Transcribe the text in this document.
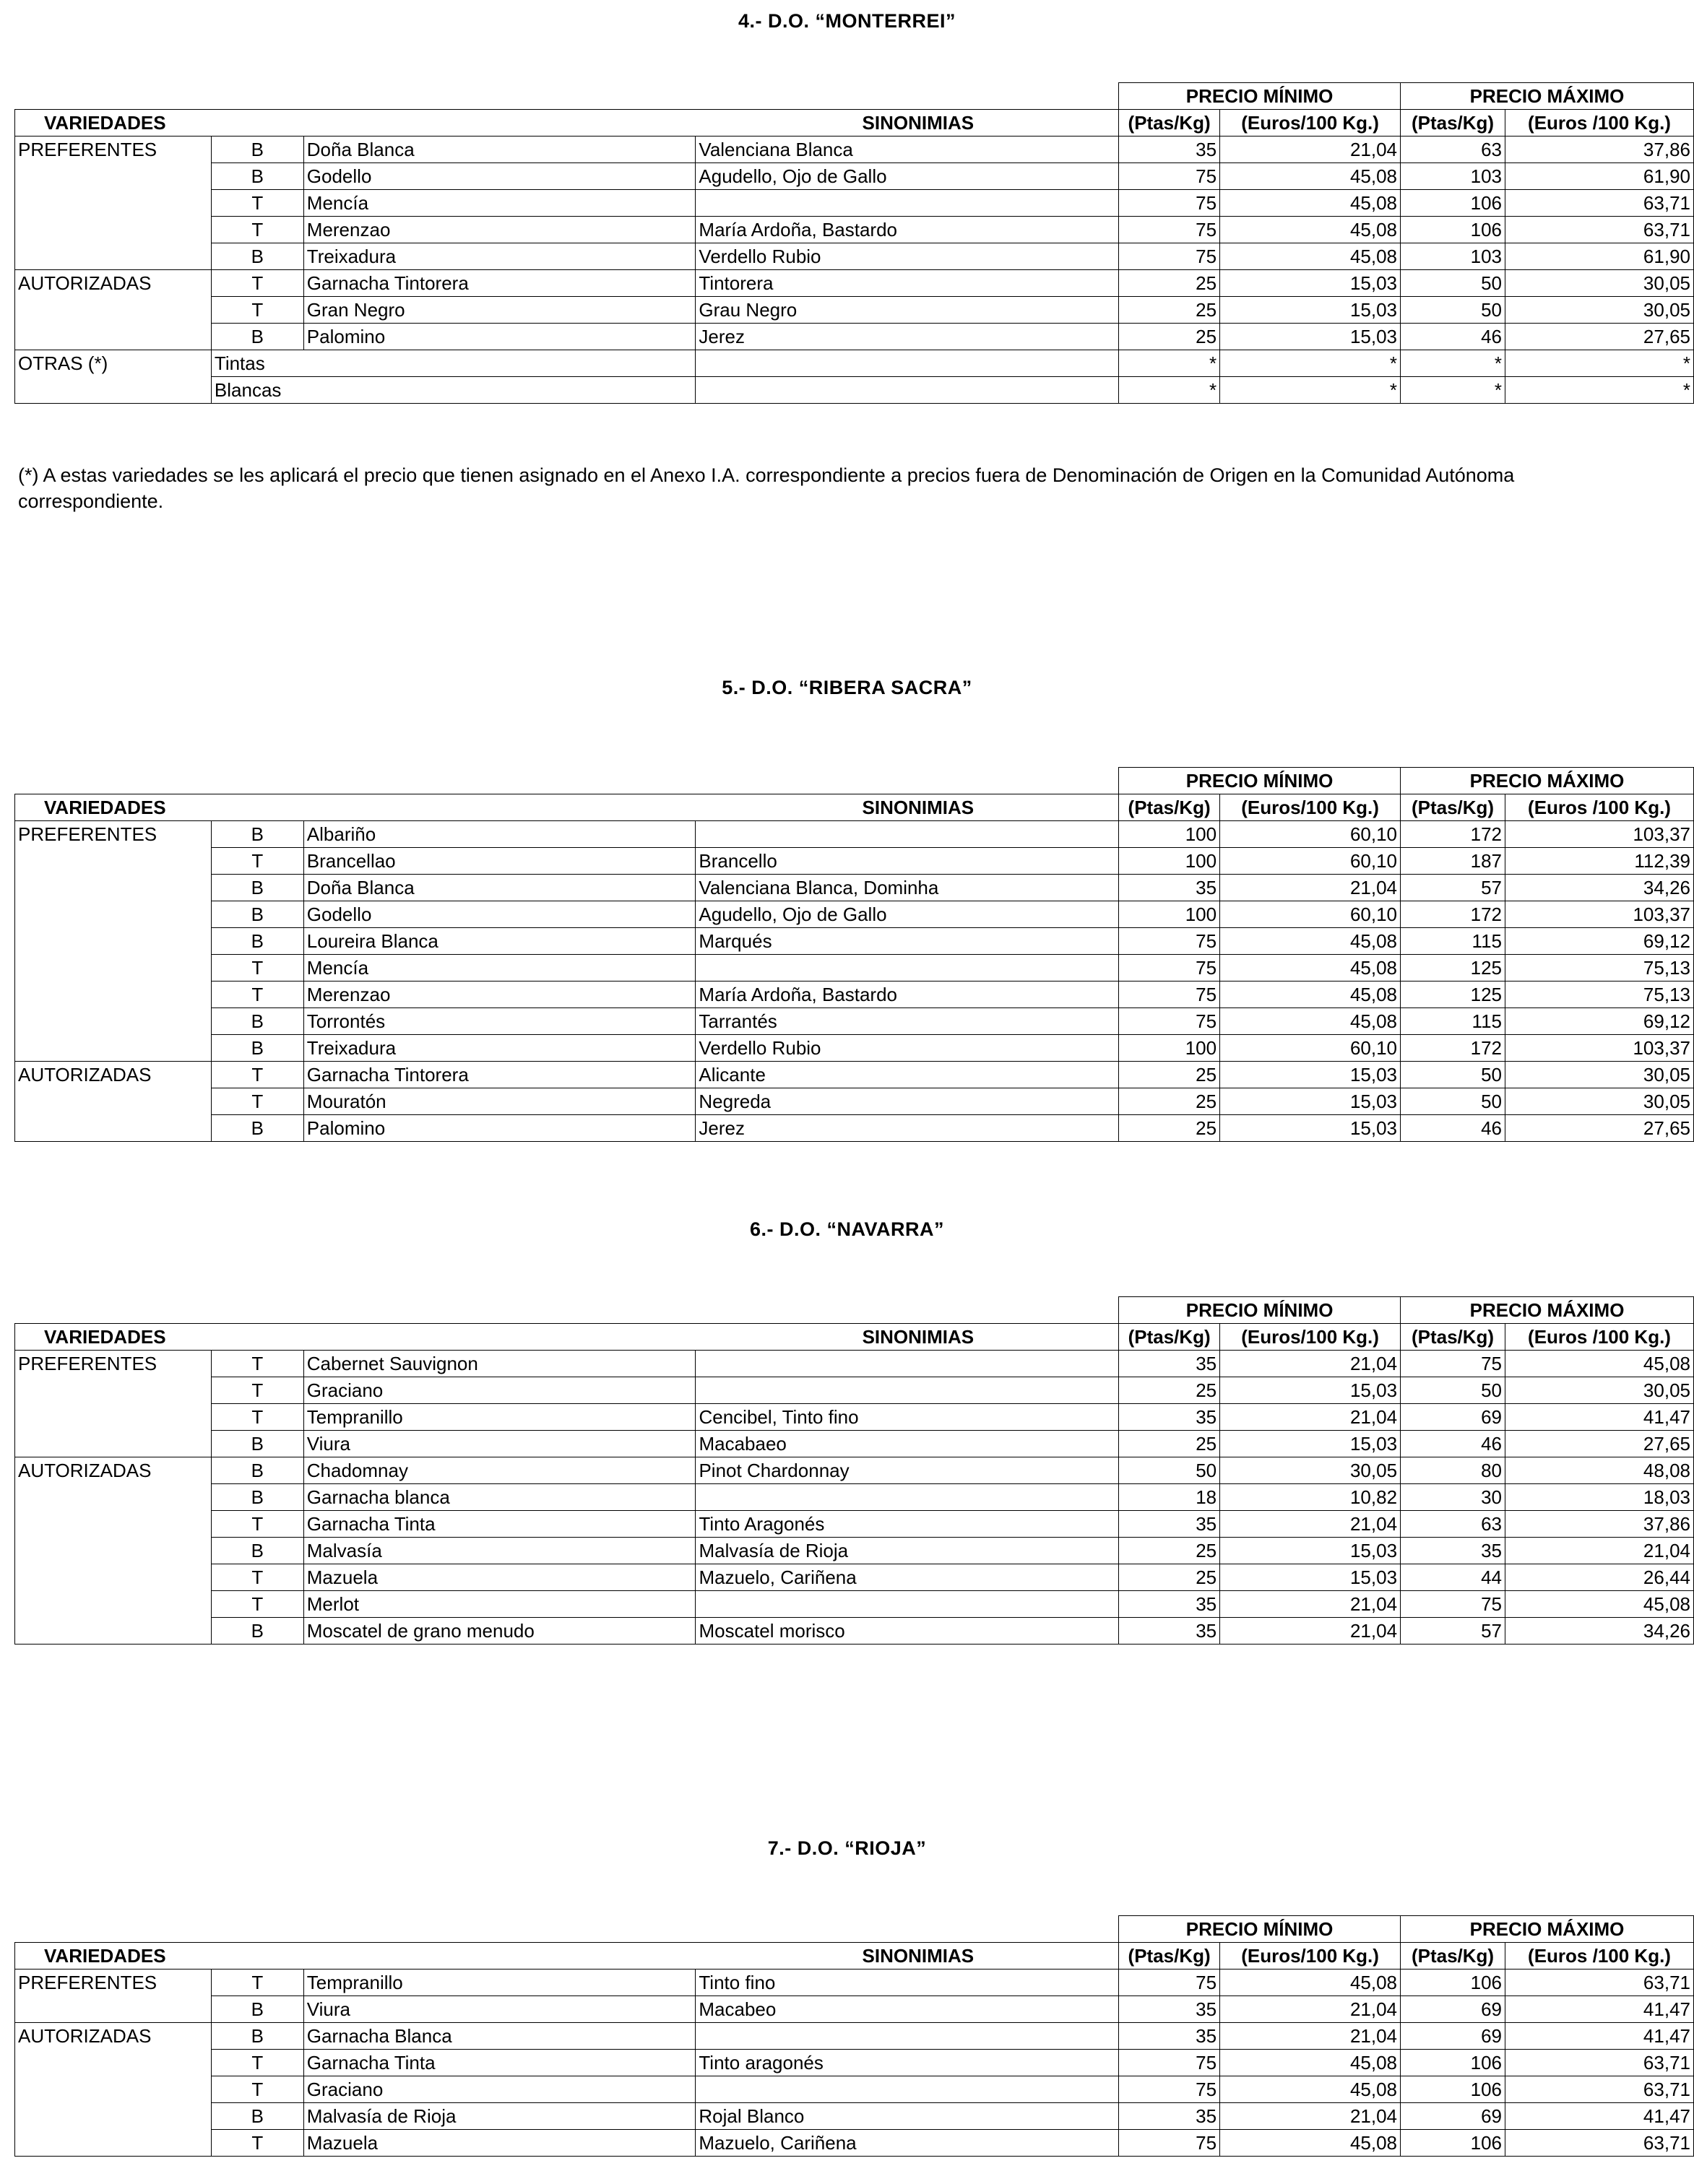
4.- D.O. “MONTERREI”
				PRECIO MÍNIMO		PRECIO MÁXIMO	
VARIEDADES			SINONIMIAS	(Ptas/Kg)	(Euros/100 Kg.)	(Ptas/Kg)	(Euros /100 Kg.)
PREFERENTES	B	Doña Blanca	Valenciana Blanca	35	21,04	63	37,86
	B	Godello	Agudello, Ojo de Gallo	75	45,08	103	61,90
	T	Mencía		75	45,08	106	63,71
	T	Merenzao	María Ardoña, Bastardo	75	45,08	106	63,71
	B	Treixadura	Verdello Rubio	75	45,08	103	61,90
AUTORIZADAS	T	Garnacha Tintorera	Tintorera	25	15,03	50	30,05
	T	Gran Negro	Grau Negro	25	15,03	50	30,05
	B	Palomino	Jerez	25	15,03	46	27,65
OTRAS (*)	Tintas			*	*	*	*
	Blancas			*	*	*	*
(*) A estas variedades se les aplicará el precio que tienen asignado en el Anexo I.A. correspondiente a precios fuera de Denominación de Origen en la Comunidad Autónoma correspondiente.
5.- D.O. “RIBERA SACRA”
				PRECIO MÍNIMO		PRECIO MÁXIMO	
VARIEDADES			SINONIMIAS	(Ptas/Kg)	(Euros/100 Kg.)	(Ptas/Kg)	(Euros /100 Kg.)
PREFERENTES	B	Albariño		100	60,10	172	103,37
	T	Brancellao	Brancello	100	60,10	187	112,39
	B	Doña Blanca	Valenciana Blanca, Dominha	35	21,04	57	34,26
	B	Godello	Agudello, Ojo de Gallo	100	60,10	172	103,37
	B	Loureira Blanca	Marqués	75	45,08	115	69,12
	T	Mencía		75	45,08	125	75,13
	T	Merenzao	María Ardoña, Bastardo	75	45,08	125	75,13
	B	Torrontés	Tarrantés	75	45,08	115	69,12
	B	Treixadura	Verdello Rubio	100	60,10	172	103,37
AUTORIZADAS	T	Garnacha Tintorera	Alicante	25	15,03	50	30,05
	T	Mouratón	Negreda	25	15,03	50	30,05
	B	Palomino	Jerez	25	15,03	46	27,65
6.- D.O. “NAVARRA”
				PRECIO MÍNIMO		PRECIO MÁXIMO	
VARIEDADES			SINONIMIAS	(Ptas/Kg)	(Euros/100 Kg.)	(Ptas/Kg)	(Euros /100 Kg.)
PREFERENTES	T	Cabernet Sauvignon		35	21,04	75	45,08
	T	Graciano		25	15,03	50	30,05
	T	Tempranillo	Cencibel, Tinto fino	35	21,04	69	41,47
	B	Viura	Macabaeo	25	15,03	46	27,65
AUTORIZADAS	B	Chadomnay	Pinot Chardonnay	50	30,05	80	48,08
	B	Garnacha blanca		18	10,82	30	18,03
	T	Garnacha Tinta	Tinto Aragonés	35	21,04	63	37,86
	B	Malvasía	Malvasía de Rioja	25	15,03	35	21,04
	T	Mazuela	Mazuelo, Cariñena	25	15,03	44	26,44
	T	Merlot		35	21,04	75	45,08
	B	Moscatel de grano menudo	Moscatel morisco	35	21,04	57	34,26
7.- D.O. “RIOJA”
				PRECIO MÍNIMO		PRECIO MÁXIMO	
VARIEDADES			SINONIMIAS	(Ptas/Kg)	(Euros/100 Kg.)	(Ptas/Kg)	(Euros /100 Kg.)
PREFERENTES	T	Tempranillo	Tinto fino	75	45,08	106	63,71
	B	Viura	Macabeo	35	21,04	69	41,47
AUTORIZADAS	B	Garnacha Blanca		35	21,04	69	41,47
	T	Garnacha Tinta	Tinto aragonés	75	45,08	106	63,71
	T	Graciano		75	45,08	106	63,71
	B	Malvasía de Rioja	Rojal Blanco	35	21,04	69	41,47
	T	Mazuela	Mazuelo, Cariñena	75	45,08	106	63,71
